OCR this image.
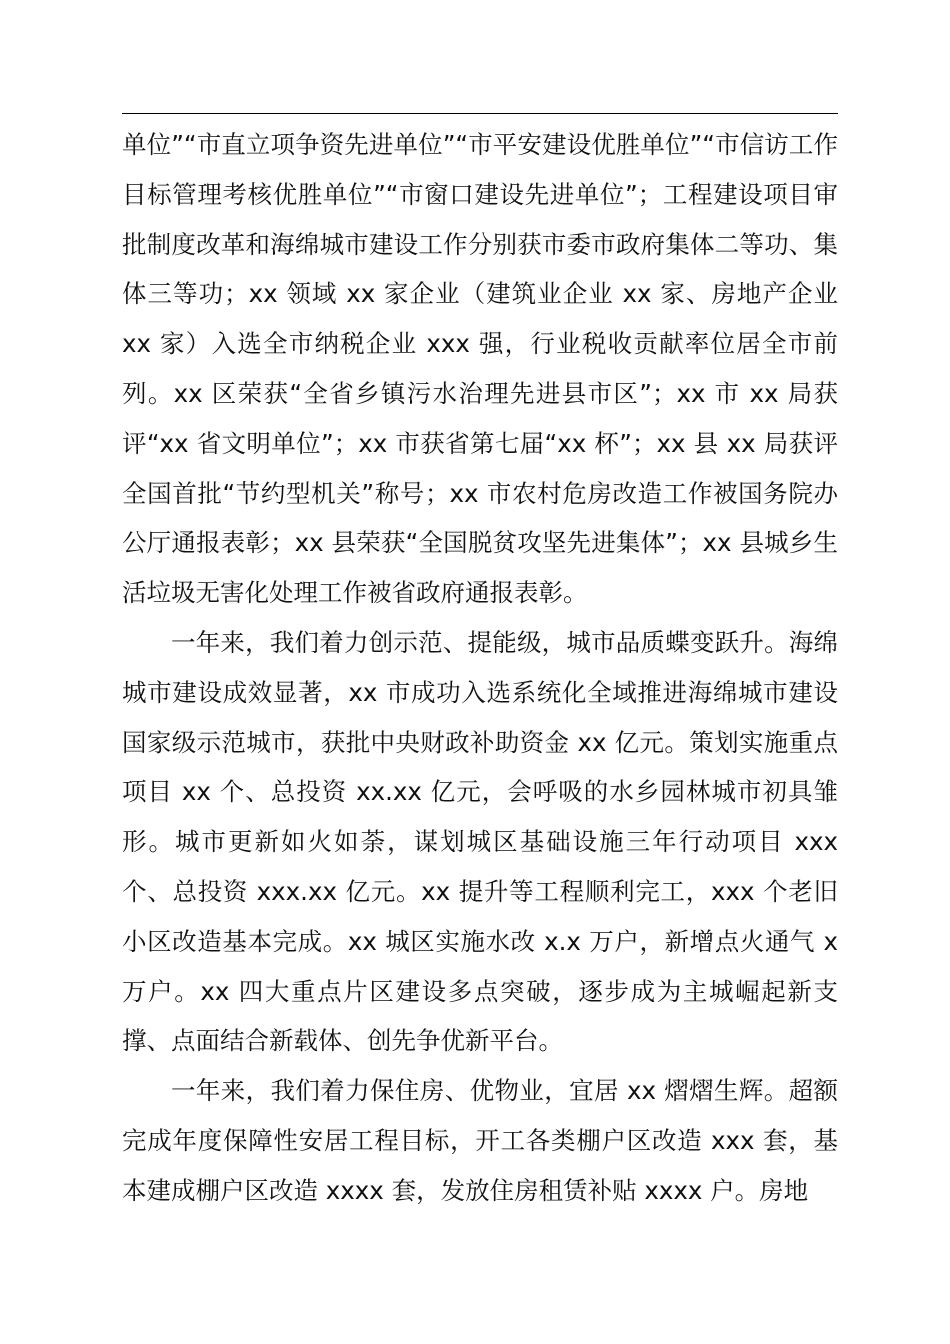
单位”“市直立项争资先进单位”“市平安建设优胜单位”“市信访工作目标管理考核优胜单位”“市窗口建设先进单位”；工程建设项目审批制度改革和海绵城市建设工作分别获市委市政府集体二等功、集体三等功；xx 领域 xx 家企业（建筑业企业 xx 家、房地产企业 xx 家）入选全市纳税企业 xxx 强，行业税收贡献率位居全市前列。xx 区荣获“全省乡镇污水治理先进县市区”；xx 市 xx 局获评“xx 省文明单位”；xx 市获省第七届“xx 杯”；xx 县 xx 局获评全国首批“节约型机关”称号；xx 市农村危房改造工作被国务院办公厅通报表彰；xx 县荣获“全国脱贫攻坚先进集体”；xx 县城乡生活垃圾无害化处理工作被省政府通报表彰。

一年来，我们着力创示范、提能级，城市品质蝶变跃升。海绵城市建设成效显著，xx 市成功入选系统化全域推进海绵城市建设国家级示范城市，获批中央财政补助资金 xx 亿元。策划实施重点项目 xx 个、总投资 xx.xx 亿元，会呼吸的水乡园林城市初具雏形。城市更新如火如荼，谋划城区基础设施三年行动项目 xxx 个、总投资 xxx.xx 亿元。xx 提升等工程顺利完工，xxx 个老旧小区改造基本完成。xx 城区实施水改 x.x 万户，新增点火通气 x 万户。xx 四大重点片区建设多点突破，逐步成为主城崛起新支撑、点面结合新载体、创先争优新平台。

一年来，我们着力保住房、优物业，宜居 xx 熠熠生辉。超额完成年度保障性安居工程目标，开工各类棚户区改造 xxx 套，基本建成棚户区改造 xxxx 套，发放住房租赁补贴 xxxx 户。房地
